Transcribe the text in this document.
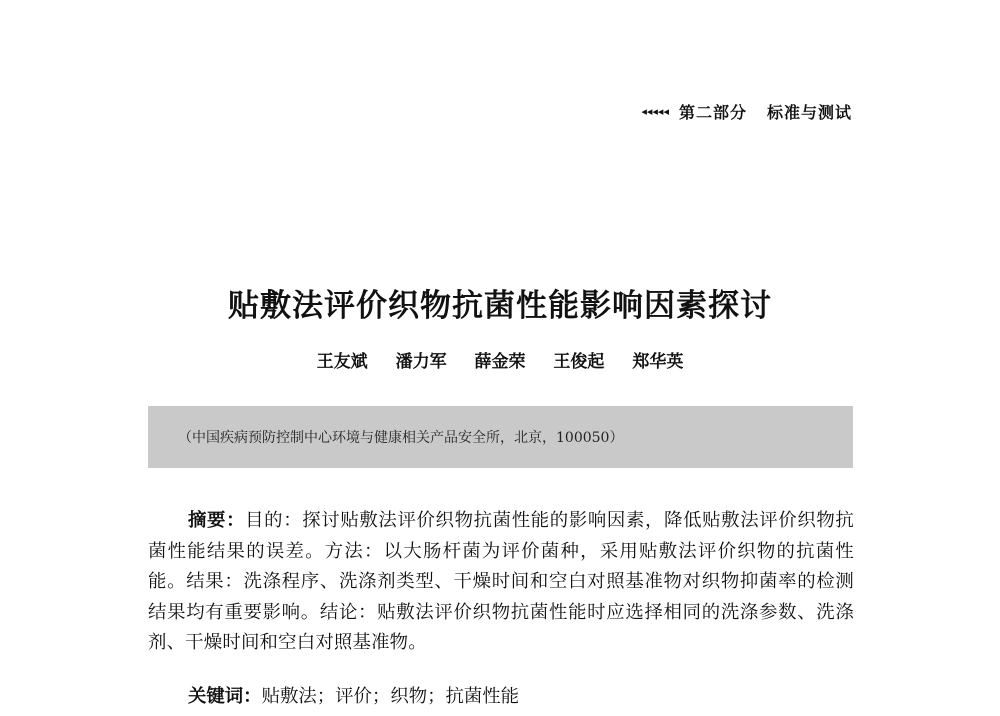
◂◂◂◂◂ 第二部分 标准与测试
贴敷法评价织物抗菌性能影响因素探讨
王友斌 潘力军 薛金荣 王俊起 郑华英
（中国疾病预防控制中心环境与健康相关产品安全所，北京，100050）
摘要：目的：探讨贴敷法评价织物抗菌性能的影响因素，降低贴敷法评价织物抗菌性能结果的误差。方法：以大肠杆菌为评价菌种，采用贴敷法评价织物的抗菌性能。结果：洗涤程序、洗涤剂类型、干燥时间和空白对照基准物对织物抑菌率的检测结果均有重要影响。结论：贴敷法评价织物抗菌性能时应选择相同的洗涤参数、洗涤剂、干燥时间和空白对照基准物。
关键词：贴敷法；评价；织物；抗菌性能
